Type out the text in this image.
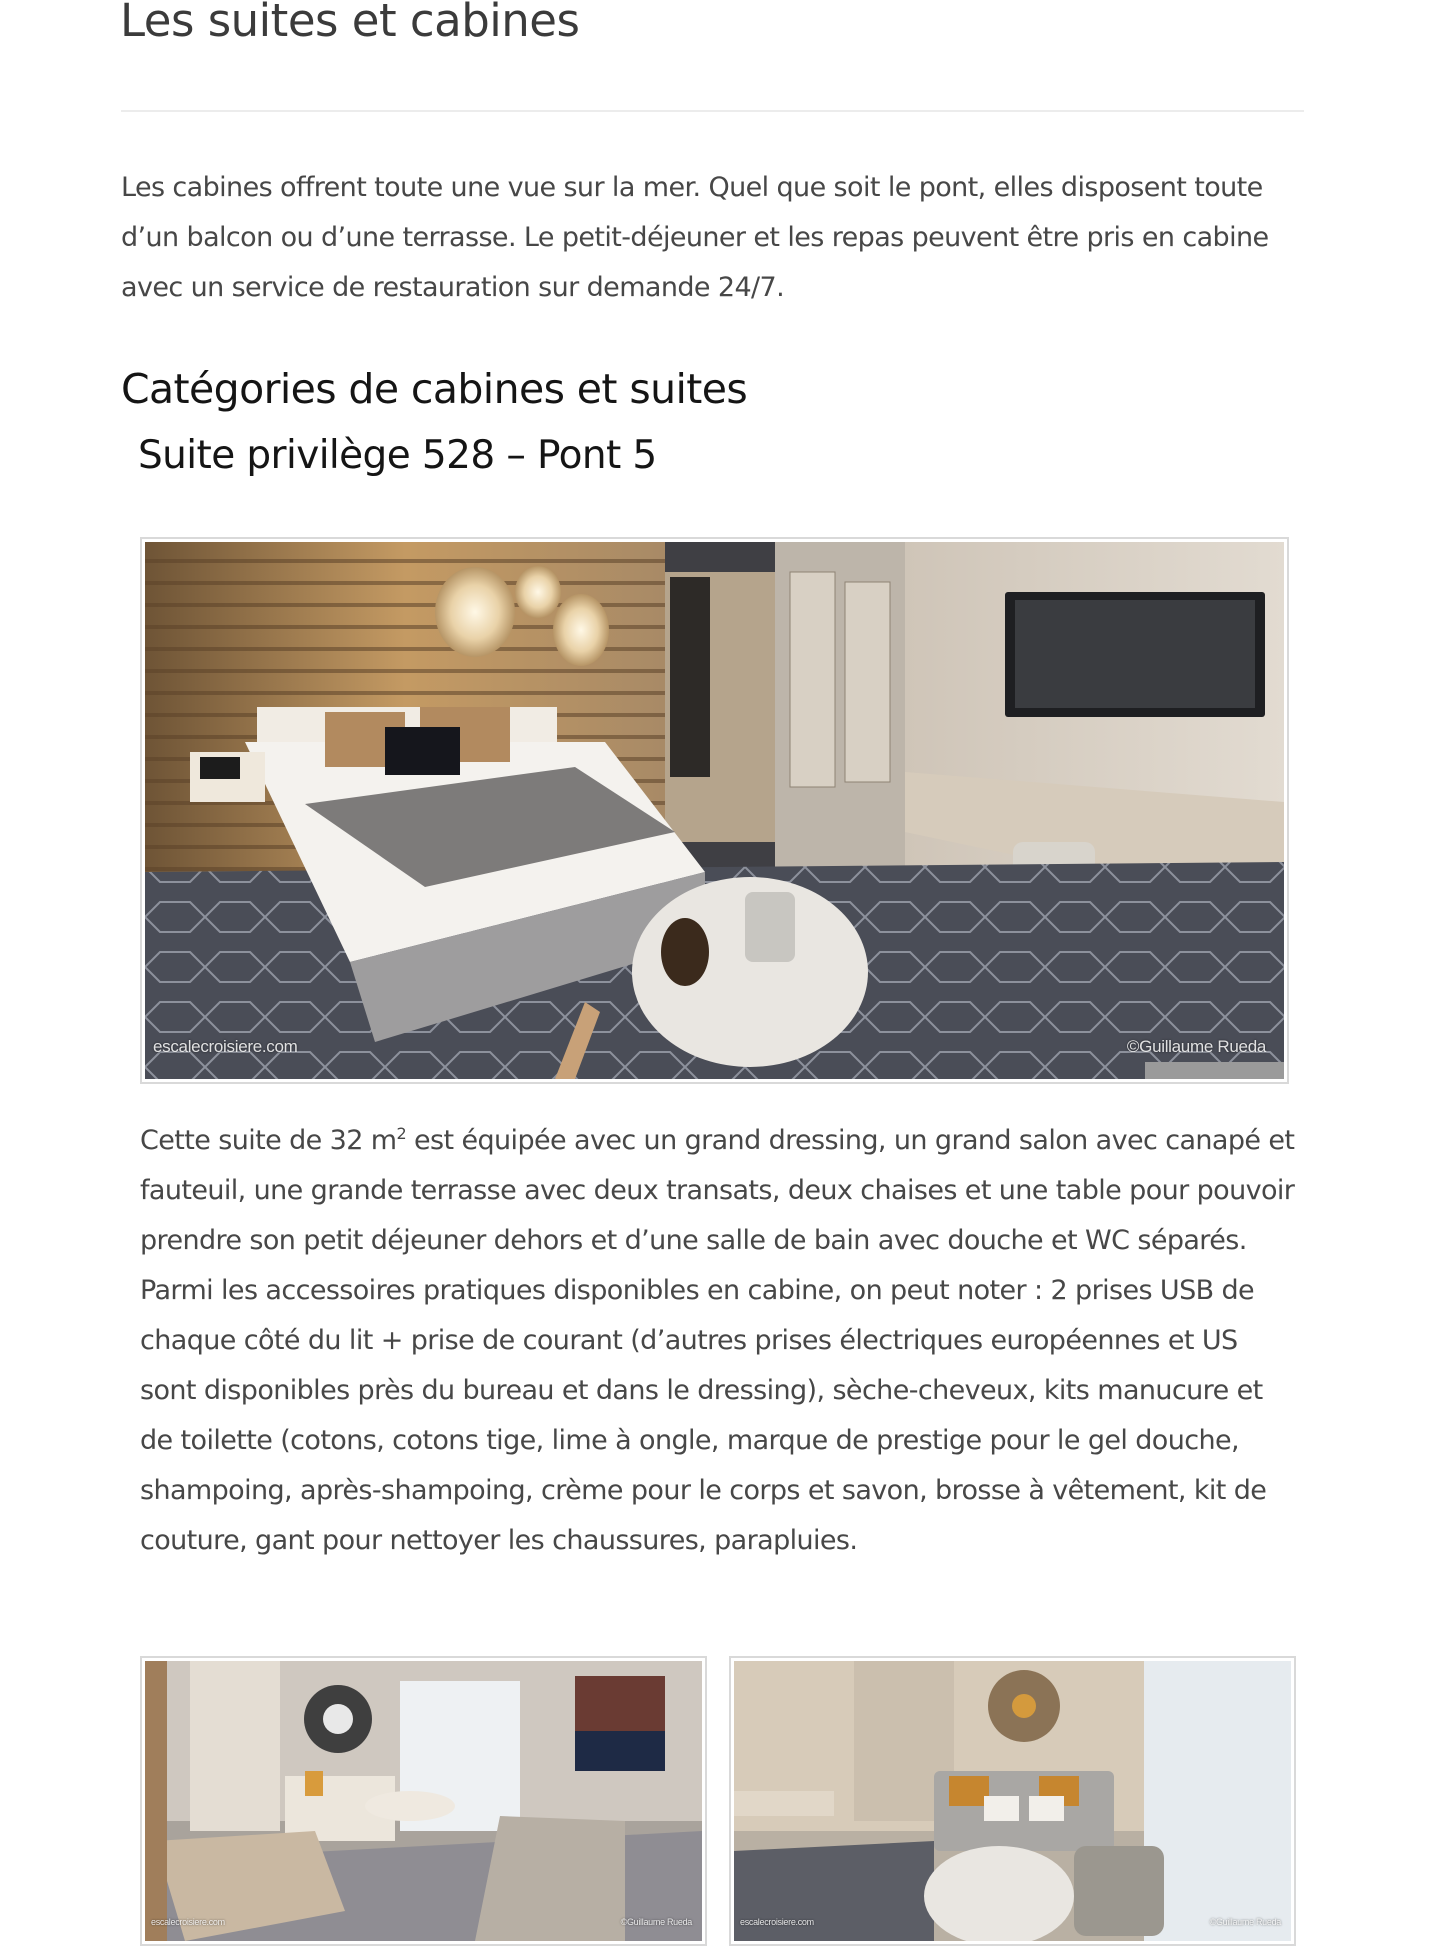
Les suites et cabines

Les cabines offrent toute une vue sur la mer. Quel que soit le pont, elles disposent toute d’un balcon ou d’une terrasse. Le petit-déjeuner et les repas peuvent être pris en cabine avec un service de restauration sur demande 24/7.

Catégories de cabines et suites
Suite privilège 528 – Pont 5
escalecroisiere.com	©Guillaume Rueda

Cette suite de 32 $m^2$ est équipée avec un grand dressing, un grand salon avec canapé et fauteuil, une grande terrasse avec deux transats, deux chaises et une table pour pouvoir prendre son petit déjeuner dehors et d’une salle de bain avec douche et WC séparés. Parmi les accessoires pratiques disponibles en cabine, on peut noter : 2 prises USB de chaque côté du lit + prise de courant (d’autres prises électriques européennes et US sont disponibles près du bureau et dans le dressing), sèche-cheveux, kits manucure et de toilette (cotons, cotons tige, lime à ongle, marque de prestige pour le gel douche, shampoing, après-shampoing, crème pour le corps et savon, brosse à vêtement, kit de couture, gant pour nettoyer les chaussures, parapluies.

escalecroisiere.com	©Guillaume Rueda	escalecroisiere.com	©Guillaume Rueda
